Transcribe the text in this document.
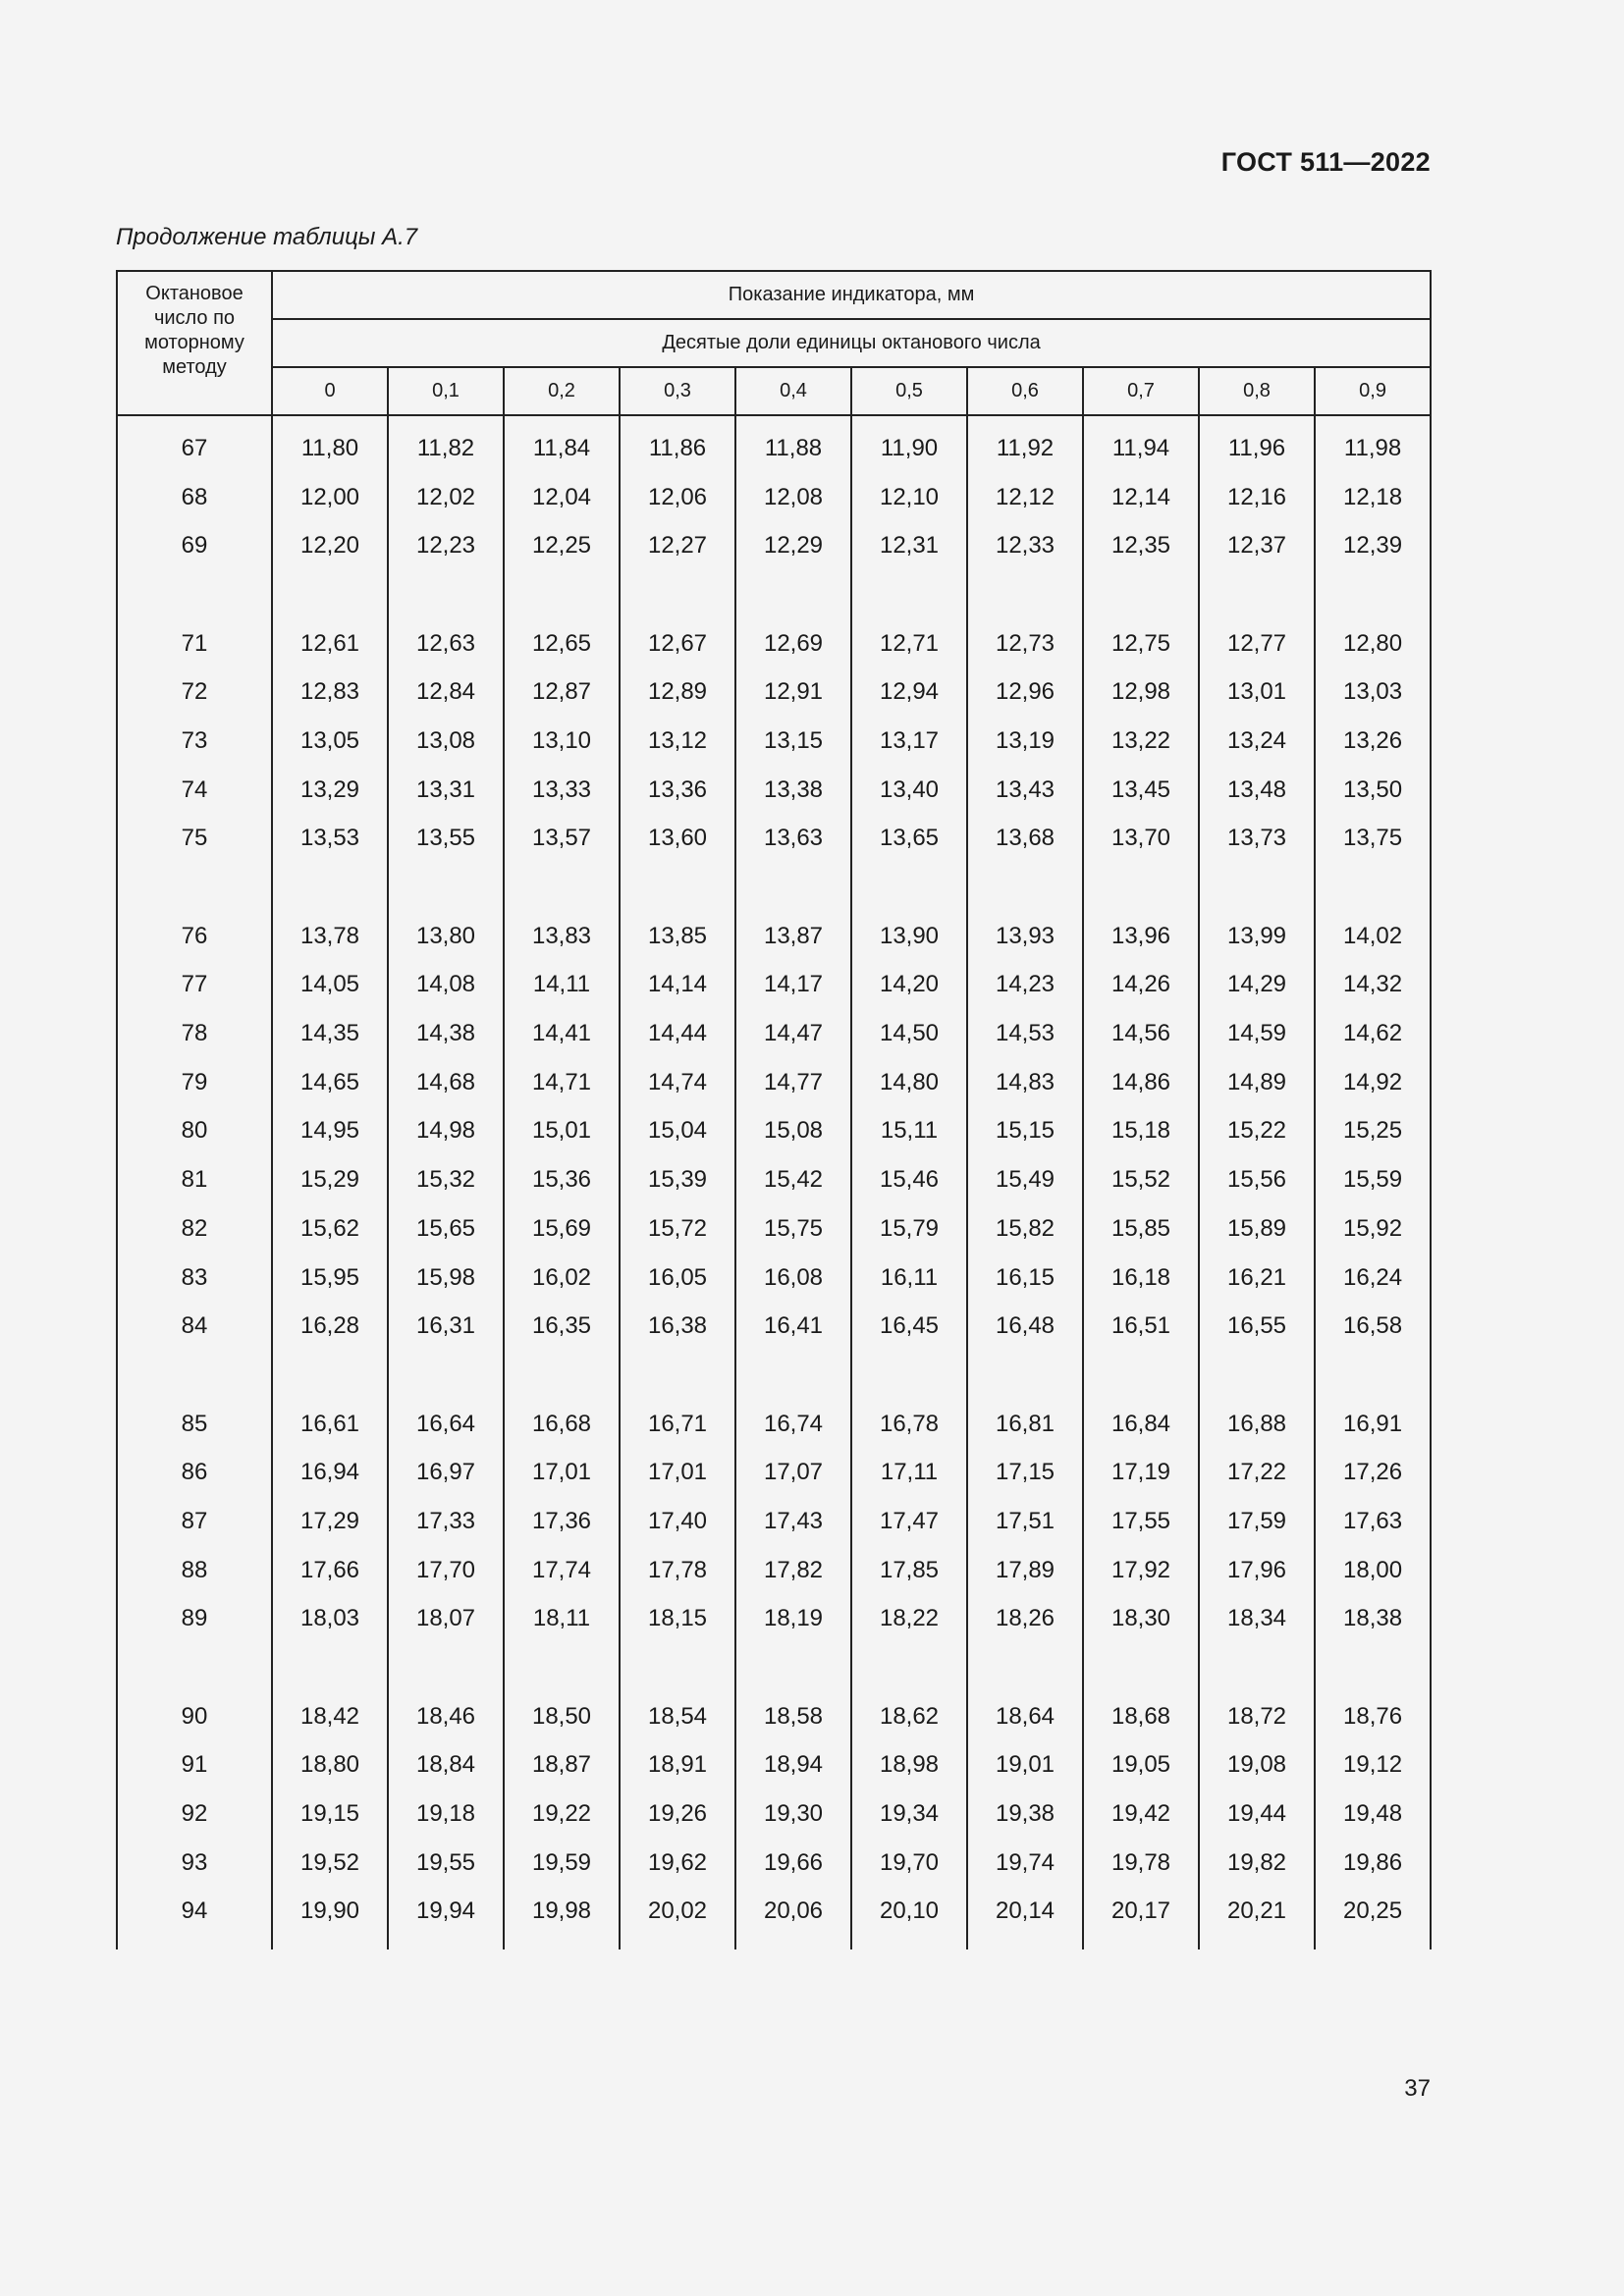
ГОСТ 511—2022
Продолжение таблицы А.7
Октановое число по моторному методу	Показание индикатора, мм									
	Десятые доли единицы октанового числа									
	0	0,1	0,2	0,3	0,4	0,5	0,6	0,7	0,8	0,9
67	11,80	11,82	11,84	11,86	11,88	11,90	11,92	11,94	11,96	11,98
68	12,00	12,02	12,04	12,06	12,08	12,10	12,12	12,14	12,16	12,18
69	12,20	12,23	12,25	12,27	12,29	12,31	12,33	12,35	12,37	12,39

71	12,61	12,63	12,65	12,67	12,69	12,71	12,73	12,75	12,77	12,80
72	12,83	12,84	12,87	12,89	12,91	12,94	12,96	12,98	13,01	13,03
73	13,05	13,08	13,10	13,12	13,15	13,17	13,19	13,22	13,24	13,26
74	13,29	13,31	13,33	13,36	13,38	13,40	13,43	13,45	13,48	13,50
75	13,53	13,55	13,57	13,60	13,63	13,65	13,68	13,70	13,73	13,75

76	13,78	13,80	13,83	13,85	13,87	13,90	13,93	13,96	13,99	14,02
77	14,05	14,08	14,11	14,14	14,17	14,20	14,23	14,26	14,29	14,32
78	14,35	14,38	14,41	14,44	14,47	14,50	14,53	14,56	14,59	14,62
79	14,65	14,68	14,71	14,74	14,77	14,80	14,83	14,86	14,89	14,92
80	14,95	14,98	15,01	15,04	15,08	15,11	15,15	15,18	15,22	15,25
81	15,29	15,32	15,36	15,39	15,42	15,46	15,49	15,52	15,56	15,59
82	15,62	15,65	15,69	15,72	15,75	15,79	15,82	15,85	15,89	15,92
83	15,95	15,98	16,02	16,05	16,08	16,11	16,15	16,18	16,21	16,24
84	16,28	16,31	16,35	16,38	16,41	16,45	16,48	16,51	16,55	16,58

85	16,61	16,64	16,68	16,71	16,74	16,78	16,81	16,84	16,88	16,91
86	16,94	16,97	17,01	17,01	17,07	17,11	17,15	17,19	17,22	17,26
87	17,29	17,33	17,36	17,40	17,43	17,47	17,51	17,55	17,59	17,63
88	17,66	17,70	17,74	17,78	17,82	17,85	17,89	17,92	17,96	18,00
89	18,03	18,07	18,11	18,15	18,19	18,22	18,26	18,30	18,34	18,38

90	18,42	18,46	18,50	18,54	18,58	18,62	18,64	18,68	18,72	18,76
91	18,80	18,84	18,87	18,91	18,94	18,98	19,01	19,05	19,08	19,12
92	19,15	19,18	19,22	19,26	19,30	19,34	19,38	19,42	19,44	19,48
93	19,52	19,55	19,59	19,62	19,66	19,70	19,74	19,78	19,82	19,86
94	19,90	19,94	19,98	20,02	20,06	20,10	20,14	20,17	20,21	20,25
37
